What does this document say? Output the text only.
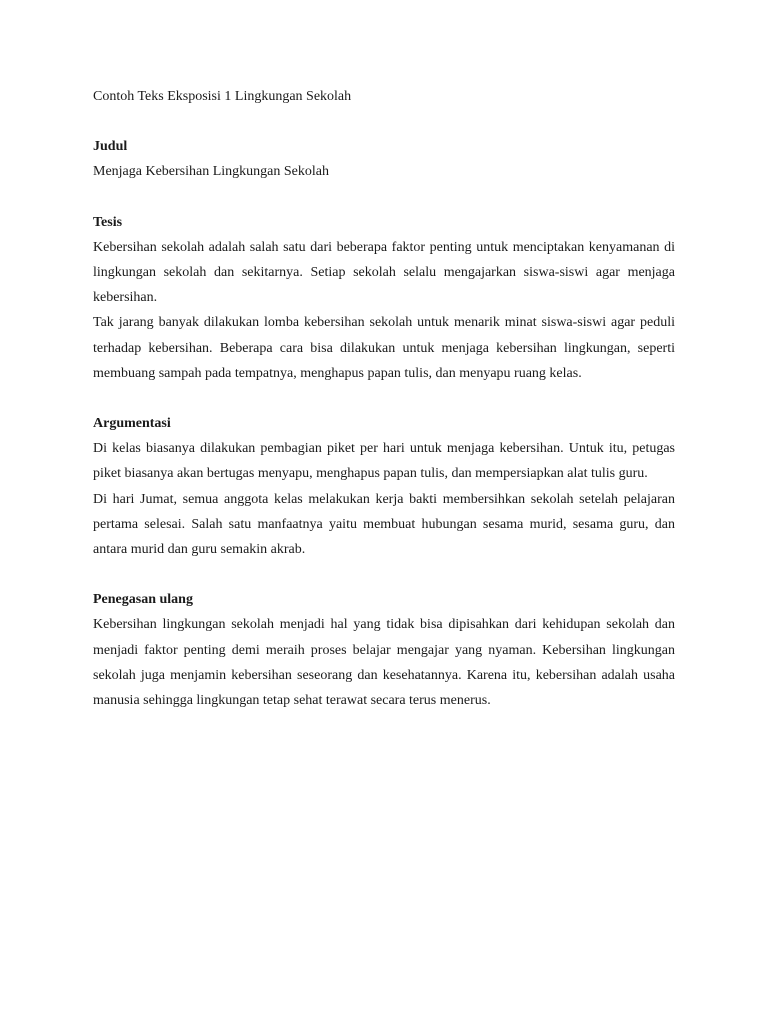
Contoh Teks Eksposisi 1 Lingkungan Sekolah

Judul

Menjaga Kebersihan Lingkungan Sekolah

Tesis

Kebersihan sekolah adalah salah satu dari beberapa faktor penting untuk menciptakan kenyamanan di lingkungan sekolah dan sekitarnya. Setiap sekolah selalu mengajarkan siswa-siswi agar menjaga kebersihan.

Tak jarang banyak dilakukan lomba kebersihan sekolah untuk menarik minat siswa-siswi agar peduli terhadap kebersihan. Beberapa cara bisa dilakukan untuk menjaga kebersihan lingkungan, seperti membuang sampah pada tempatnya, menghapus papan tulis, dan menyapu ruang kelas.

Argumentasi

Di kelas biasanya dilakukan pembagian piket per hari untuk menjaga kebersihan. Untuk itu, petugas piket biasanya akan bertugas menyapu, menghapus papan tulis, dan mempersiapkan alat tulis guru.

Di hari Jumat, semua anggota kelas melakukan kerja bakti membersihkan sekolah setelah pelajaran pertama selesai. Salah satu manfaatnya yaitu membuat hubungan sesama murid, sesama guru, dan antara murid dan guru semakin akrab.

Penegasan ulang

Kebersihan lingkungan sekolah menjadi hal yang tidak bisa dipisahkan dari kehidupan sekolah dan menjadi faktor penting demi meraih proses belajar mengajar yang nyaman. Kebersihan lingkungan sekolah juga menjamin kebersihan seseorang dan kesehatannya. Karena itu, kebersihan adalah usaha manusia sehingga lingkungan tetap sehat terawat secara terus menerus.
